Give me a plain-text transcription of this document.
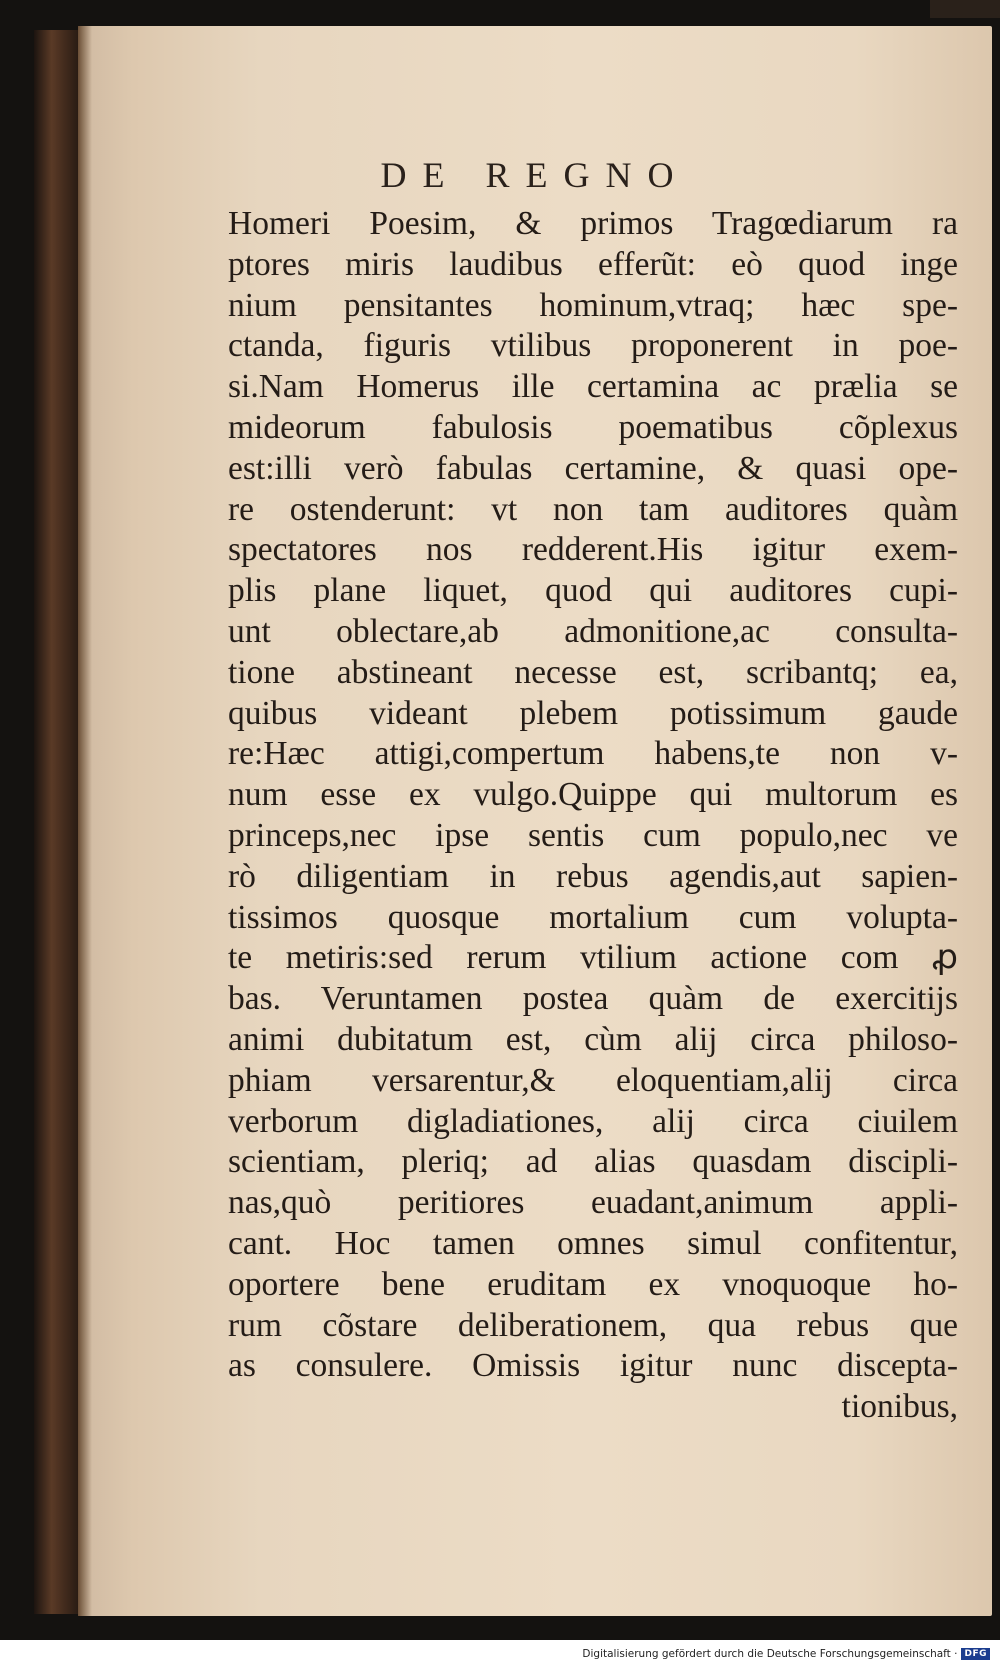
DE REGNO
Homeri Poesim, & primos Tragœdiarum ra
ptores miris laudibus efferũt: eò quod inge
nium pensitantes hominum,vtraq; hæc spe-
ctanda, figuris vtilibus proponerent in poe-
si.Nam Homerus ille certamina ac prælia se
mideorum fabulosis poematibus cõplexus
est:illi verò fabulas certamine, & quasi ope-
re ostenderunt: vt non tam auditores quàm
spectatores nos redderent.His igitur exem-
plis plane liquet, quod qui auditores cupi-
unt oblectare,ab admonitione,ac consulta-
tione abstineant necesse est, scribantq; ea,
quibus videant plebem potissimum gaude
re:Hæc attigi,compertum habens,te non v-
num esse ex vulgo.Quippe qui multorum es
princeps,nec ipse sentis cum populo,nec ve
rò diligentiam in rebus agendis,aut sapien-
tissimos quosque mortalium cum volupta-
te metiris:sed rerum vtilium actione com ꝓ
bas. Veruntamen postea quàm de exercitijs
animi dubitatum est, cùm alij circa philoso-
phiam versarentur,& eloquentiam,alij circa
verborum digladiationes, alij circa ciuilem
scientiam, pleriq; ad alias quasdam discipli-
nas,quò peritiores euadant,animum appli-
cant. Hoc tamen omnes simul confitentur,
oportere bene eruditam ex vnoquoque ho-
rum cõstare deliberationem, qua rebus que
as consulere. Omissis igitur nunc discepta-
tionibus,
Digitalisierung gefördert durch die Deutsche Forschungsgemeinschaft · DFG
